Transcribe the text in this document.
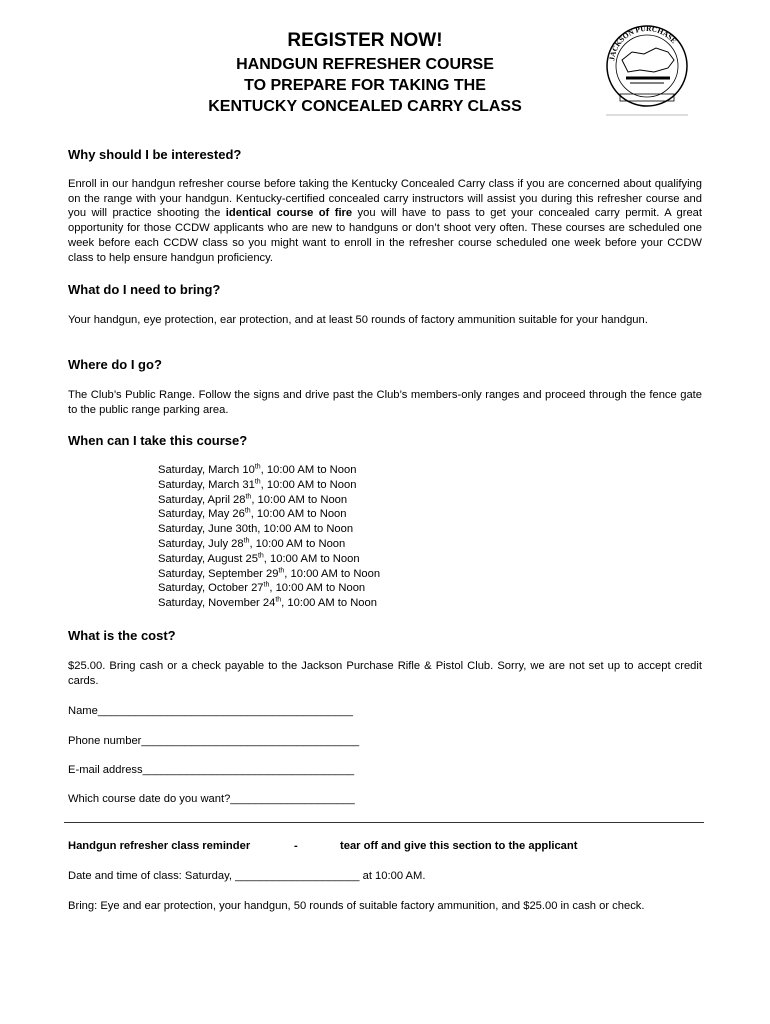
REGISTER NOW!
HANDGUN REFRESHER COURSE
TO PREPARE FOR TAKING THE
KENTUCKY CONCEALED CARRY CLASS
JACKSON PURCHASE
Why should I be interested?
Enroll in our handgun refresher course before taking the Kentucky Concealed Carry class if you are concerned about qualifying on the range with your handgun. Kentucky-certified concealed carry instructors will assist you during this refresher course and you will practice shooting the identical course of fire you will have to pass to get your concealed carry permit. A great opportunity for those CCDW applicants who are new to handguns or don’t shoot very often. These courses are scheduled one week before each CCDW class so you might want to enroll in the refresher course scheduled one week before your CCDW class to help ensure handgun proficiency.
What do I need to bring?
Your handgun, eye protection, ear protection, and at least 50 rounds of factory ammunition suitable for your handgun.
Where do I go?
The Club’s Public Range. Follow the signs and drive past the Club’s members-only ranges and proceed through the fence gate to the public range parking area.
When can I take this course?
Saturday, March 10th, 10:00 AM to Noon
Saturday, March 31th, 10:00 AM to Noon
Saturday, April 28th, 10:00 AM to Noon
Saturday, May 26th, 10:00 AM to Noon
Saturday, June 30th, 10:00 AM to Noon
Saturday, July 28th, 10:00 AM to Noon
Saturday, August 25th, 10:00 AM to Noon
Saturday, September 29th, 10:00 AM to Noon
Saturday, October 27th, 10:00 AM to Noon
Saturday, November 24th, 10:00 AM to Noon
What is the cost?
$25.00. Bring cash or a check payable to the Jackson Purchase Rifle & Pistol Club. Sorry, we are not set up to accept credit cards.
Name_________________________________________
Phone number___________________________________
E-mail address__________________________________
Which course date do you want?____________________
Handgun refresher class reminder	-	tear off and give this section to the applicant
Date and time of class: Saturday, ____________________ at 10:00 AM.
Bring: Eye and ear protection, your handgun, 50 rounds of suitable factory ammunition, and $25.00 in cash or check.
